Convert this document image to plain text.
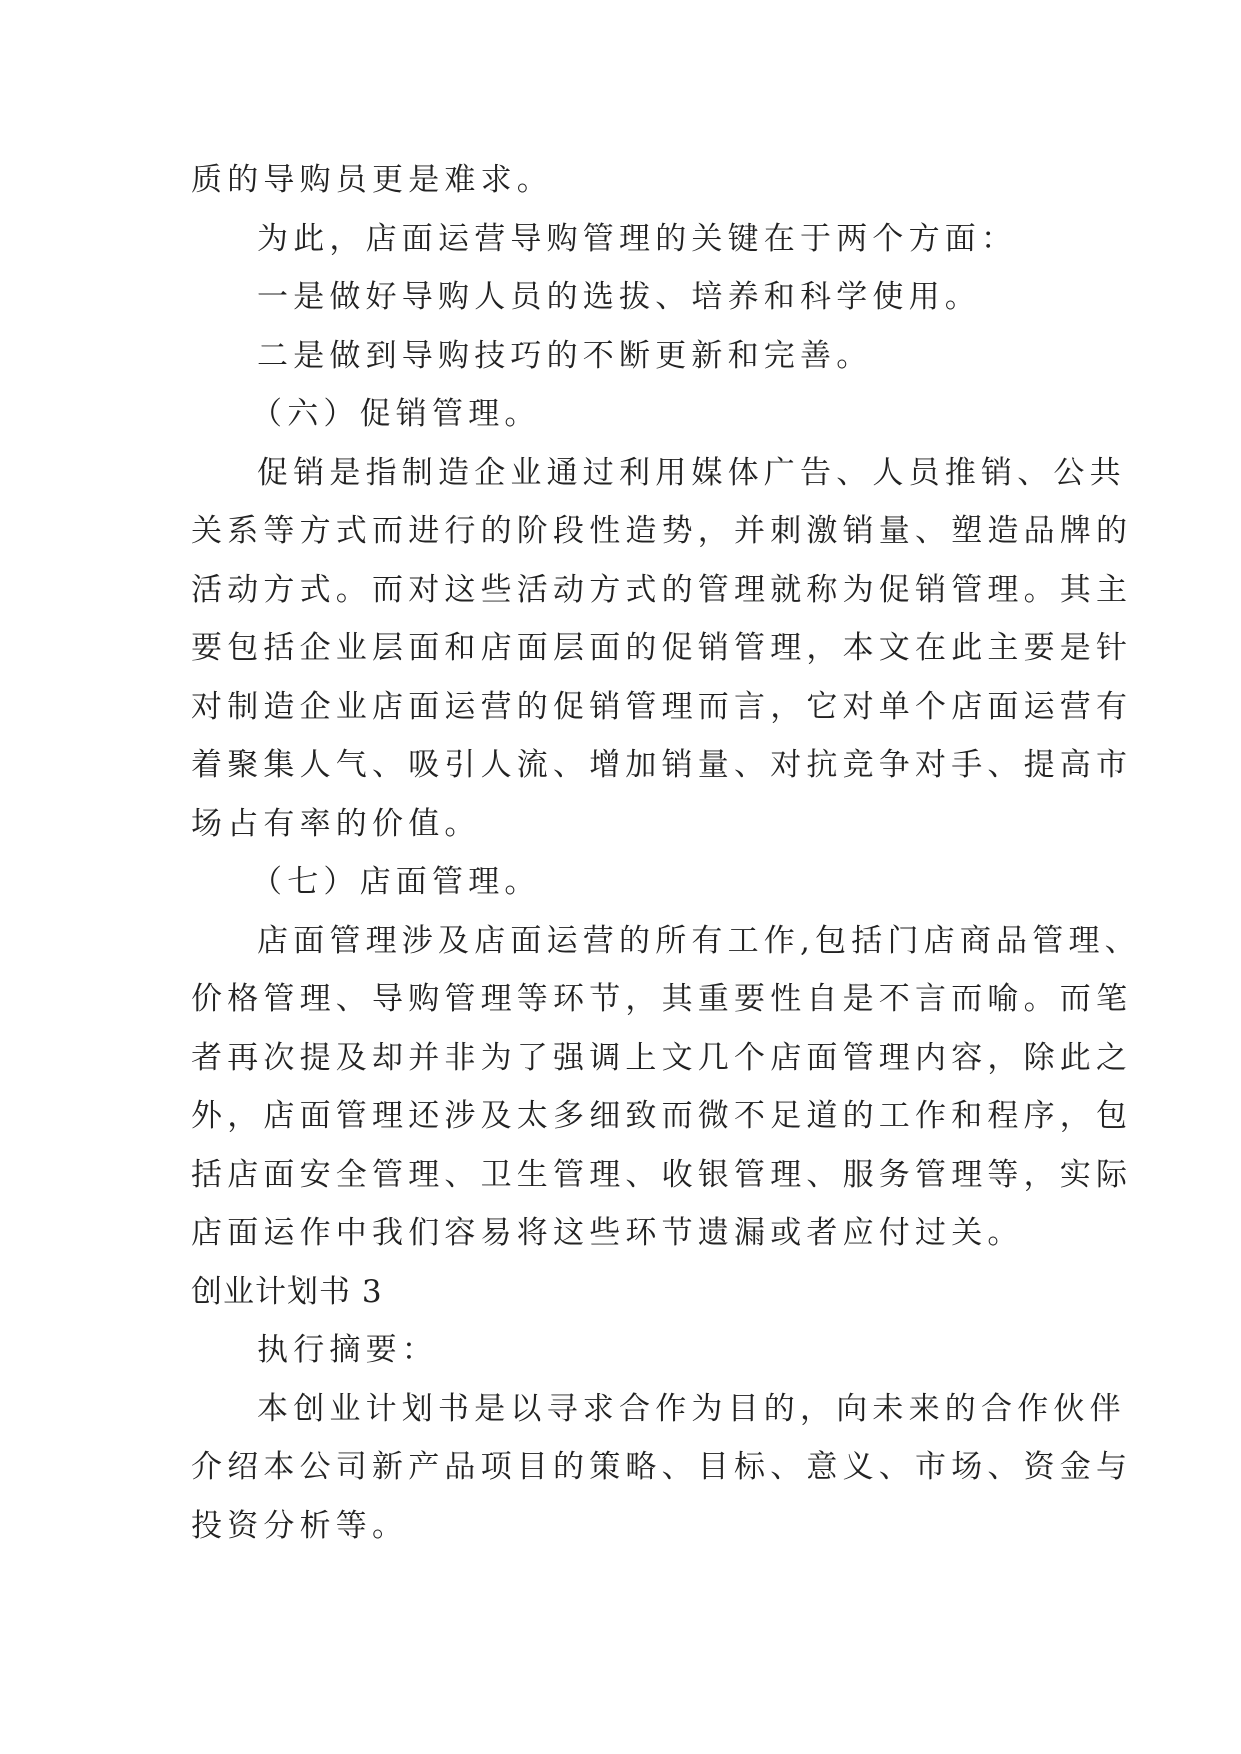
质的导购员更是难求。
为此，店面运营导购管理的关键在于两个方面：
一是做好导购人员的选拔、培养和科学使用。
二是做到导购技巧的不断更新和完善。
（六）促销管理。
促销是指制造企业通过利用媒体广告、人员推销、公共
关系等方式而进行的阶段性造势，并刺激销量、塑造品牌的
活动方式。而对这些活动方式的管理就称为促销管理。其主
要包括企业层面和店面层面的促销管理，本文在此主要是针
对制造企业店面运营的促销管理而言，它对单个店面运营有
着聚集人气、吸引人流、增加销量、对抗竞争对手、提高市
场占有率的价值。
（七）店面管理。
店面管理涉及店面运营的所有工作,包括门店商品管理、
价格管理、导购管理等环节，其重要性自是不言而喻。而笔
者再次提及却并非为了强调上文几个店面管理内容，除此之
外，店面管理还涉及太多细致而微不足道的工作和程序，包
括店面安全管理、卫生管理、收银管理、服务管理等，实际
店面运作中我们容易将这些环节遗漏或者应付过关。
创业计划书 3
执行摘要：
本创业计划书是以寻求合作为目的，向未来的合作伙伴
介绍本公司新产品项目的策略、目标、意义、市场、资金与
投资分析等。
